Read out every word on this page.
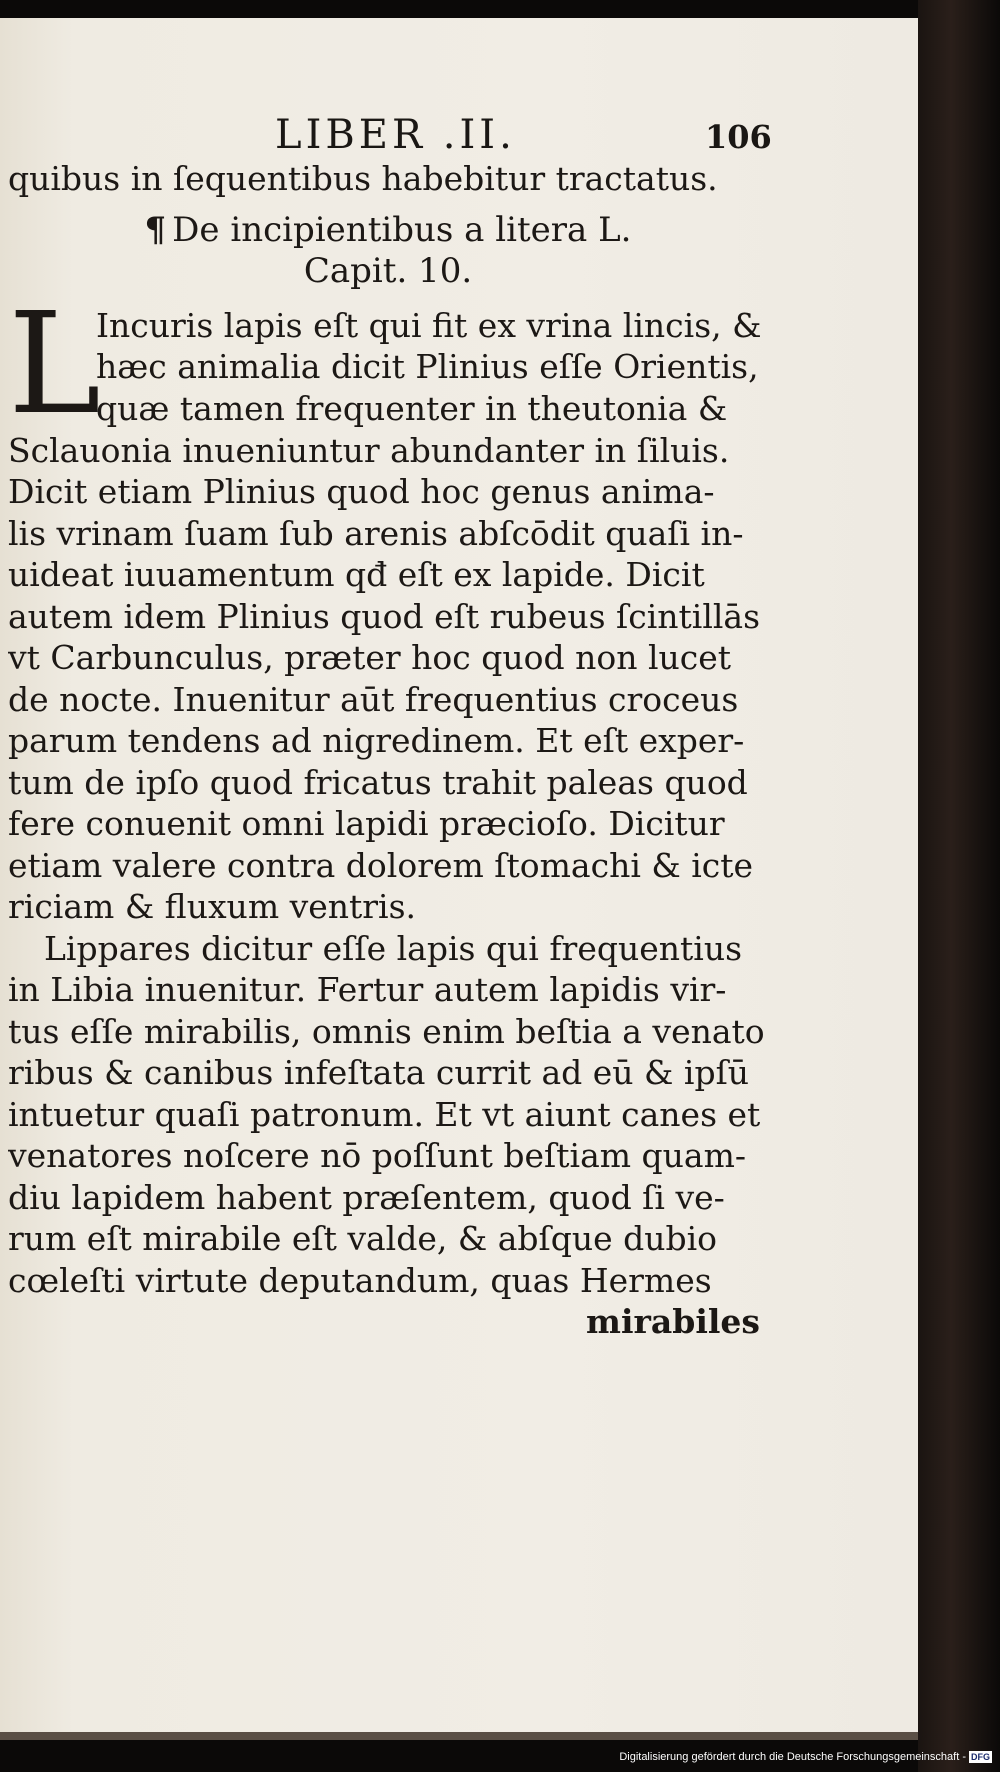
LIBER .II.	106
quibus in ſequentibus habebitur tractatus.
¶ De incipientibus a litera L.
Capit. 10.
L
Incuris lapis eſt qui fit ex vrina lincis, &
hæc animalia dicit Plinius eſſe Orientis,
quæ tamen frequenter in theutonia &
Sclauonia inueniuntur abundanter in ſiluis.
Dicit etiam Plinius quod hoc genus anima-
lis vrinam ſuam ſub arenis abſcōdit quaſi in-
uideat iuuamentum qđ eſt ex lapide. Dicit
autem idem Plinius quod eſt rubeus ſcintillās
vt Carbunculus, præter hoc quod non lucet
de nocte. Inuenitur aūt frequentius croceus
parum tendens ad nigredinem. Et eſt exper-
tum de ipſo quod fricatus trahit paleas quod
fere conuenit omni lapidi præcioſo. Dicitur
etiam valere contra dolorem ſtomachi & icte
riciam & fluxum ventris.
Lippares dicitur eſſe lapis qui frequentius
in Libia inuenitur. Fertur autem lapidis vir-
tus eſſe mirabilis, omnis enim beſtia a venato
ribus & canibus infeſtata currit ad eū & ipſū
intuetur quaſi patronum. Et vt aiunt canes et
venatores noſcere nō poſſunt beſtiam quam-
diu lapidem habent præſentem, quod ſi ve-
rum eſt mirabile eſt valde, & abſque dubio
cœleſti virtute deputandum, quas Hermes
mirabiles
Digitalisierung gefördert durch die Deutsche Forschungsgemeinschaft - DFG
